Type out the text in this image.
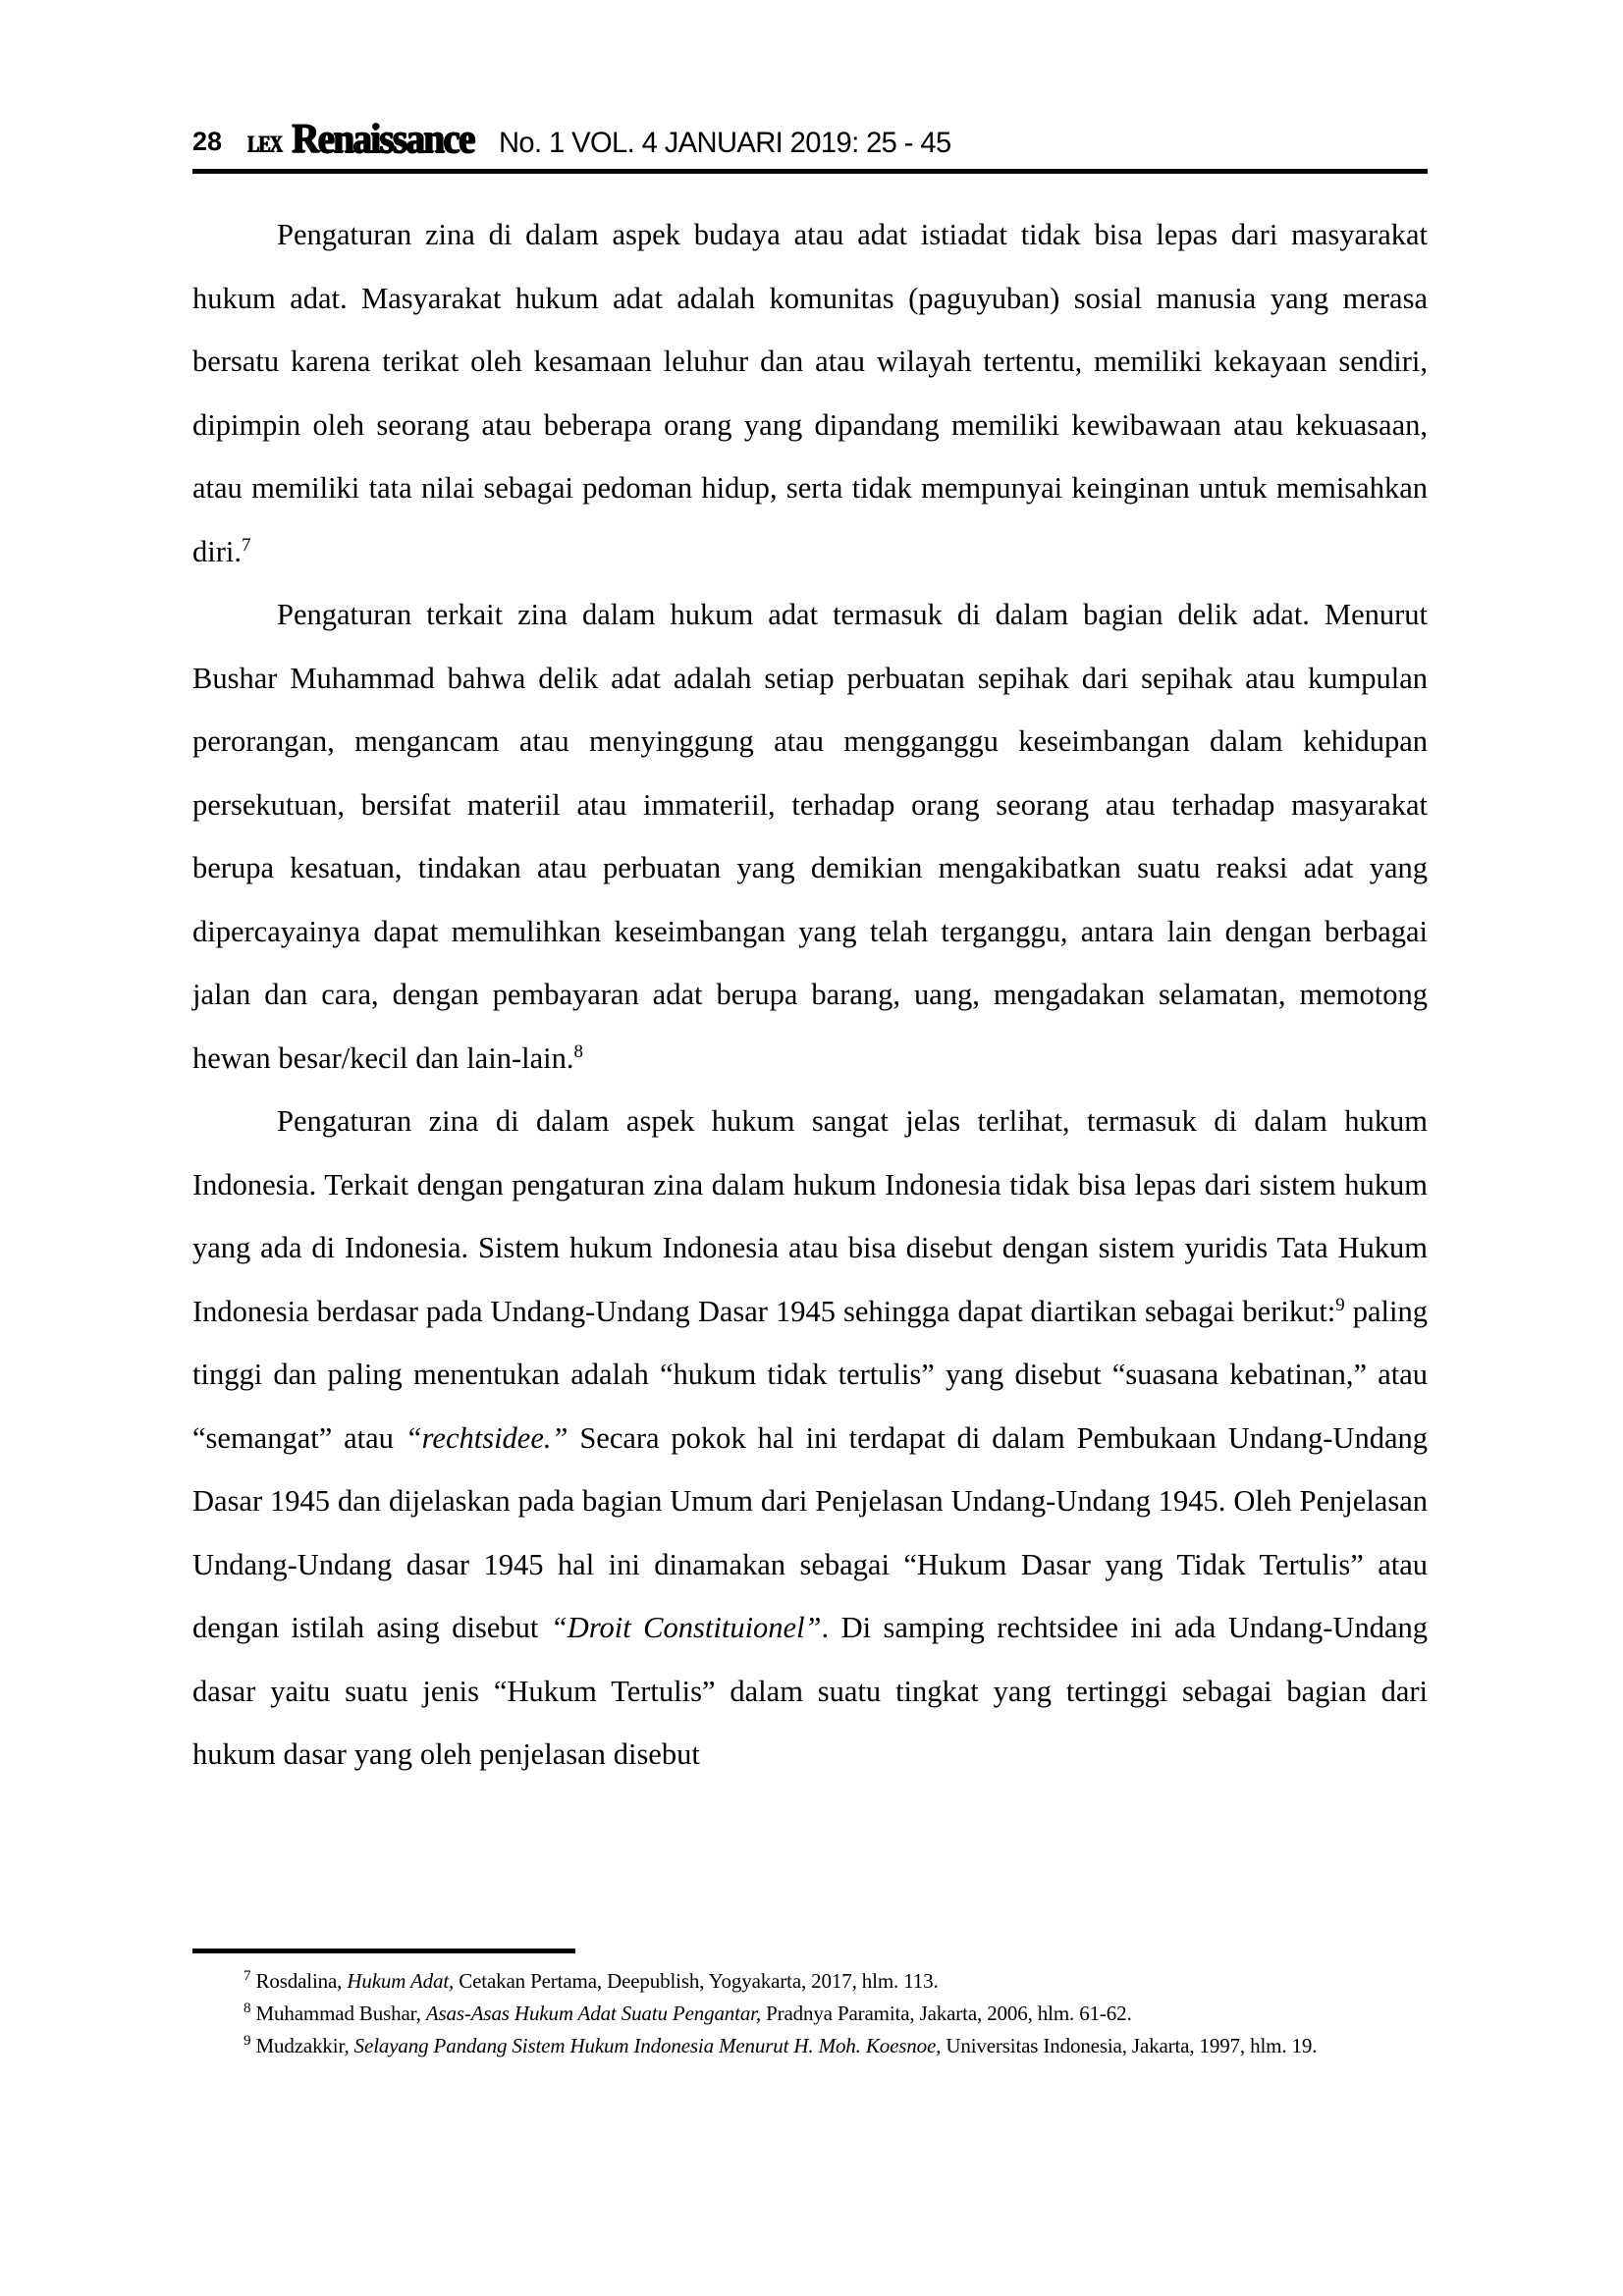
28 LEX Renaissance No. 1 VOL. 4 JANUARI 2019: 25 - 45

Pengaturan zina di dalam aspek budaya atau adat istiadat tidak bisa lepas dari masyarakat hukum adat. Masyarakat hukum adat adalah komunitas (paguyuban) sosial manusia yang merasa bersatu karena terikat oleh kesamaan leluhur dan atau wilayah tertentu, memiliki kekayaan sendiri, dipimpin oleh seorang atau beberapa orang yang dipandang memiliki kewibawaan atau kekuasaan, atau memiliki tata nilai sebagai pedoman hidup, serta tidak mempunyai keinginan untuk memisahkan diri.$^7$

Pengaturan terkait zina dalam hukum adat termasuk di dalam bagian delik adat. Menurut Bushar Muhammad bahwa delik adat adalah setiap perbuatan sepihak dari sepihak atau kumpulan perorangan, mengancam atau menyinggung atau mengganggu keseimbangan dalam kehidupan persekutuan, bersifat materiil atau immateriil, terhadap orang seorang atau terhadap masyarakat berupa kesatuan, tindakan atau perbuatan yang demikian mengakibatkan suatu reaksi adat yang dipercayainya dapat memulihkan keseimbangan yang telah terganggu, antara lain dengan berbagai jalan dan cara, dengan pembayaran adat berupa barang, uang, mengadakan selamatan, memotong hewan besar/kecil dan lain-lain.$^8$

Pengaturan zina di dalam aspek hukum sangat jelas terlihat, termasuk di dalam hukum Indonesia. Terkait dengan pengaturan zina dalam hukum Indonesia tidak bisa lepas dari sistem hukum yang ada di Indonesia. Sistem hukum Indonesia atau bisa disebut dengan sistem yuridis Tata Hukum Indonesia berdasar pada Undang-Undang Dasar 1945 sehingga dapat diartikan sebagai berikut:$^9$ paling tinggi dan paling menentukan adalah “hukum tidak tertulis” yang disebut “suasana kebatinan,” atau “semangat” atau “rechtsidee.” Secara pokok hal ini terdapat di dalam Pembukaan Undang-Undang Dasar 1945 dan dijelaskan pada bagian Umum dari Penjelasan Undang-Undang 1945. Oleh Penjelasan Undang-Undang dasar 1945 hal ini dinamakan sebagai “Hukum Dasar yang Tidak Tertulis” atau dengan istilah asing disebut “Droit Constituionel”. Di samping rechtsidee ini ada Undang-Undang dasar yaitu suatu jenis “Hukum Tertulis” dalam suatu tingkat yang tertinggi sebagai bagian dari hukum dasar yang oleh penjelasan disebut

$^7$ Rosdalina, Hukum Adat, Cetakan Pertama, Deepublish, Yogyakarta, 2017, hlm. 113.

$^8$ Muhammad Bushar, Asas-Asas Hukum Adat Suatu Pengantar, Pradnya Paramita, Jakarta, 2006, hlm. 61-62.

$^9$ Mudzakkir, Selayang Pandang Sistem Hukum Indonesia Menurut H. Moh. Koesnoe, Universitas Indonesia, Jakarta, 1997, hlm. 19.
